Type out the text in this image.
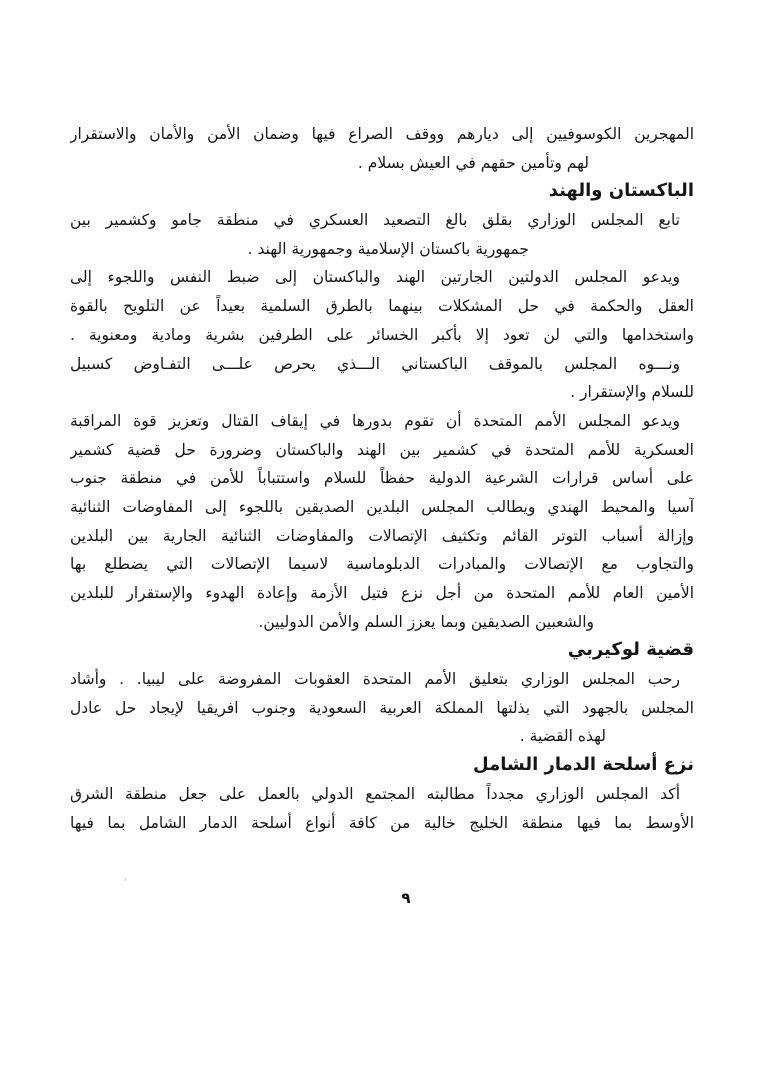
المهجرين الكوسوفيين إلى ديارهم ووقف الصراع فيها وضمان الأمن والأمان والاستقرار

لهم وتأمين حقهم في العيش بسلام .

الباكستان والهند

تابع المجلس الوزاري بقلق بالغ التصعيد العسكري في منطقة جامو وكشمير بين

جمهورية باكستان الإسلامية وجمهورية الهند .

ويدعو المجلس الدولتين الجارتين الهند والباكستان إلى ضبط النفس واللجوء إلى

العقل والحكمة في حل المشكلات بينهما بالطرق السلمية بعيداً عن التلويح بالقوة

واستخدامها والتي لن تعود إلا بأكبر الخسائر على الطرفين بشرية ومادية ومعنوية .

ونـــوه المجلس بالموقف الباكستاني الـــذي يحرص علـــى التفـاوض كسبيل

للسلام والإستقرار .

ويدعو المجلس الأمم المتحدة أن تقوم بدورها في إيقاف القتال وتعزيز قوة المراقبة

العسكرية للأمم المتحدة في كشمير بين الهند والباكستان وضرورة حل قضية كشمير

على أساس قرارات الشرعية الدولية حفظاً للسلام واستتباباً للأمن في منطقة جنوب

آسيا والمحيط الهندي ويطالب المجلس البلدين الصديقين باللجوء إلى المفاوضات الثنائية

وإزالة أسباب التوتر القائم وتكثيف الإتصالات والمفاوضات الثنائية الجارية بين البلدين

والتجاوب مع الإتصالات والمبادرات الدبلوماسية لاسيما الإتصالات التي يضطلع بها

الأمين العام للأمم المتحدة من أجل نزع فتيل الأزمة وإعادة الهدوء والإستقرار للبلدين

والشعبين الصديقين وبما يعزز السلم والأمن الدوليين.

قضية لوكيربي

رحب المجلس الوزاري بتعليق الأمم المتحدة العقوبات المفروضة على ليبيا. . وأشاد

المجلس بالجهود التي بذلتها المملكة العربية السعودية وجنوب افريقيا لإيجاد حل عادل

لهذه القضية .

نزع أسلحة الدمار الشامل

أكد المجلس الوزاري مجدداً مطالبته المجتمع الدولي بالعمل على جعل منطقة الشرق

الأوسط بما فيها منطقة الخليج خالية من كافة أنواع أسلحة الدمار الشامل بما فيها

٩
